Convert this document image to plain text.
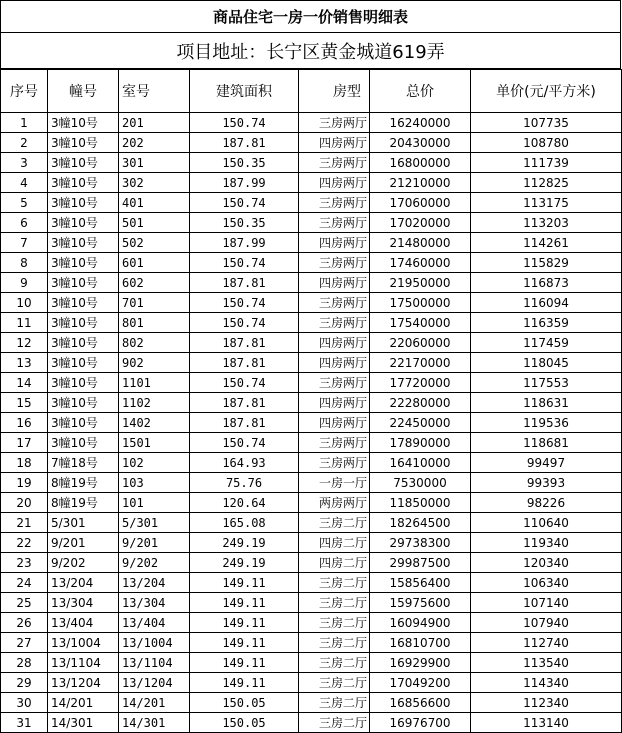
商品住宅一房一价销售明细表
项目地址：长宁区黄金城道619弄
序号	幢号	室号	建筑面积	房型	总价	单价(元/平方米)
1	3幢10号	201	150.74	三房两厅	16240000	107735
2	3幢10号	202	187.81	四房两厅	20430000	108780
3	3幢10号	301	150.35	三房两厅	16800000	111739
4	3幢10号	302	187.99	四房两厅	21210000	112825
5	3幢10号	401	150.74	三房两厅	17060000	113175
6	3幢10号	501	150.35	三房两厅	17020000	113203
7	3幢10号	502	187.99	四房两厅	21480000	114261
8	3幢10号	601	150.74	三房两厅	17460000	115829
9	3幢10号	602	187.81	四房两厅	21950000	116873
10	3幢10号	701	150.74	三房两厅	17500000	116094
11	3幢10号	801	150.74	三房两厅	17540000	116359
12	3幢10号	802	187.81	四房两厅	22060000	117459
13	3幢10号	902	187.81	四房两厅	22170000	118045
14	3幢10号	1101	150.74	三房两厅	17720000	117553
15	3幢10号	1102	187.81	四房两厅	22280000	118631
16	3幢10号	1402	187.81	四房两厅	22450000	119536
17	3幢10号	1501	150.74	三房两厅	17890000	118681
18	7幢18号	102	164.93	三房两厅	16410000	99497
19	8幢19号	103	75.76	一房一厅	7530000	99393
20	8幢19号	101	120.64	两房两厅	11850000	98226
21	5/301	5/301	165.08	三房二厅	18264500	110640
22	9/201	9/201	249.19	四房二厅	29738300	119340
23	9/202	9/202	249.19	四房二厅	29987500	120340
24	13/204	13/204	149.11	三房二厅	15856400	106340
25	13/304	13/304	149.11	三房二厅	15975600	107140
26	13/404	13/404	149.11	三房二厅	16094900	107940
27	13/1004	13/1004	149.11	三房二厅	16810700	112740
28	13/1104	13/1104	149.11	三房二厅	16929900	113540
29	13/1204	13/1204	149.11	三房二厅	17049200	114340
30	14/201	14/201	150.05	三房二厅	16856600	112340
31	14/301	14/301	150.05	三房二厅	16976700	113140
